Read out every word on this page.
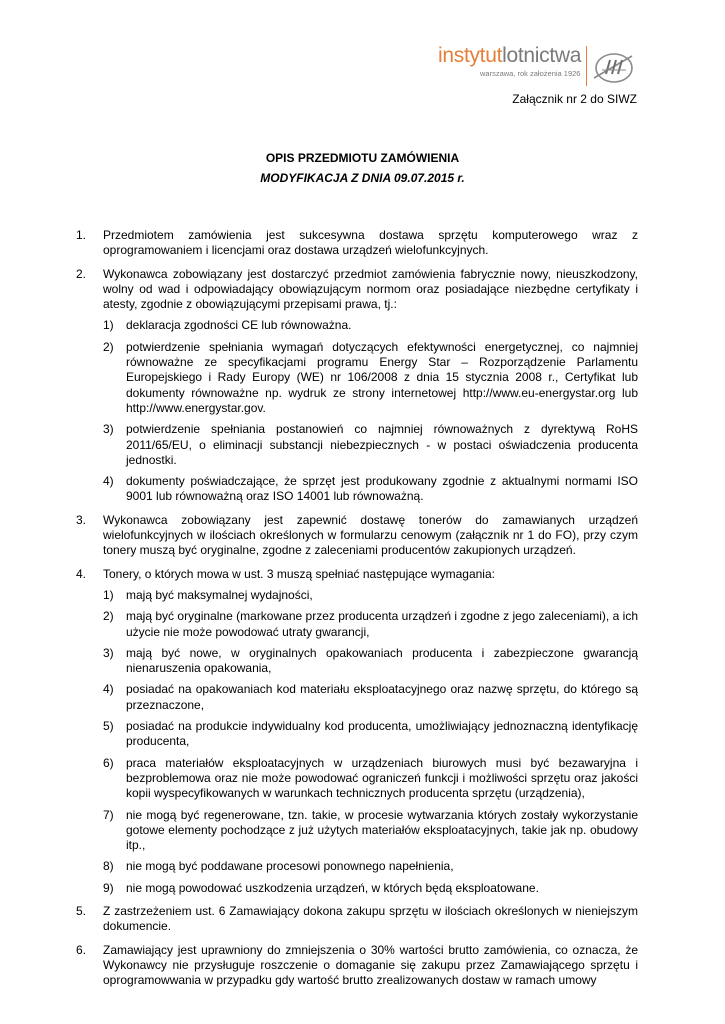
instytutlotnictwa
warszawa, rok założenia 1926
Załącznik nr 2 do SIWZ
OPIS PRZEDMIOTU ZAMÓWIENIA
MODYFIKACJA Z DNIA 09.07.2015 r.
1. Przedmiotem zamówienia jest sukcesywna dostawa sprzętu komputerowego wraz z oprogramowaniem i licencjami oraz dostawa urządzeń wielofunkcyjnych.
2. Wykonawca zobowiązany jest dostarczyć przedmiot zamówienia fabrycznie nowy, nieuszkodzony, wolny od wad i odpowiadający obowiązującym normom oraz posiadające niezbędne certyfikaty i atesty, zgodnie z obowiązującymi przepisami prawa, tj.:
1) deklaracja zgodności CE lub równoważna.
2) potwierdzenie spełniania wymagań dotyczących efektywności energetycznej, co najmniej równoważne ze specyfikacjami programu Energy Star – Rozporządzenie Parlamentu Europejskiego i Rady Europy (WE) nr 106/2008 z dnia 15 stycznia 2008 r., Certyfikat lub dokumenty równoważne np. wydruk ze strony internetowej http://www.eu-energystar.org lub http://www.energystar.gov.
3) potwierdzenie spełniania postanowień co najmniej równoważnych z dyrektywą RoHS 2011/65/EU, o eliminacji substancji niebezpiecznych - w postaci oświadczenia producenta jednostki.
4) dokumenty poświadczające, że sprzęt jest produkowany zgodnie z aktualnymi normami ISO 9001 lub równoważną oraz ISO 14001 lub równoważną.
3. Wykonawca zobowiązany jest zapewnić dostawę tonerów do zamawianych urządzeń wielofunkcyjnych w ilościach określonych w formularzu cenowym (załącznik nr 1 do FO), przy czym tonery muszą być oryginalne, zgodne z zaleceniami producentów zakupionych urządzeń.
4. Tonery, o których mowa w ust. 3 muszą spełniać następujące wymagania:
1) mają być maksymalnej wydajności,
2) mają być oryginalne (markowane przez producenta urządzeń i zgodne z jego zaleceniami), a ich użycie nie może powodować utraty gwarancji,
3) mają być nowe, w oryginalnych opakowaniach producenta i zabezpieczone gwarancją nienaruszenia opakowania,
4) posiadać na opakowaniach kod materiału eksploatacyjnego oraz nazwę sprzętu, do którego są przeznaczone,
5) posiadać na produkcie indywidualny kod producenta, umożliwiający jednoznaczną identyfikację producenta,
6) praca materiałów eksploatacyjnych w urządzeniach biurowych musi być bezawaryjna i bezproblemowa oraz nie może powodować ograniczeń funkcji i możliwości sprzętu oraz jakości kopii wyspecyfikowanych w warunkach technicznych producenta sprzętu (urządzenia),
7) nie mogą być regenerowane, tzn. takie, w procesie wytwarzania których zostały wykorzystanie gotowe elementy pochodzące z już użytych materiałów eksploatacyjnych, takie jak np. obudowy itp.,
8) nie mogą być poddawane procesowi ponownego napełnienia,
9) nie mogą powodować uszkodzenia urządzeń, w których będą eksploatowane.
5. Z zastrzeżeniem ust. 6 Zamawiający dokona zakupu sprzętu w ilościach określonych w nieniejszym dokumencie.
6. Zamawiający jest uprawniony do zmniejszenia o 30% wartości brutto zamówienia, co oznacza, że Wykonawcy nie przysługuje roszczenie o domaganie się zakupu przez Zamawiającego sprzętu i oprogramowwania w przypadku gdy wartość brutto zrealizowanych dostaw w ramach umowy
